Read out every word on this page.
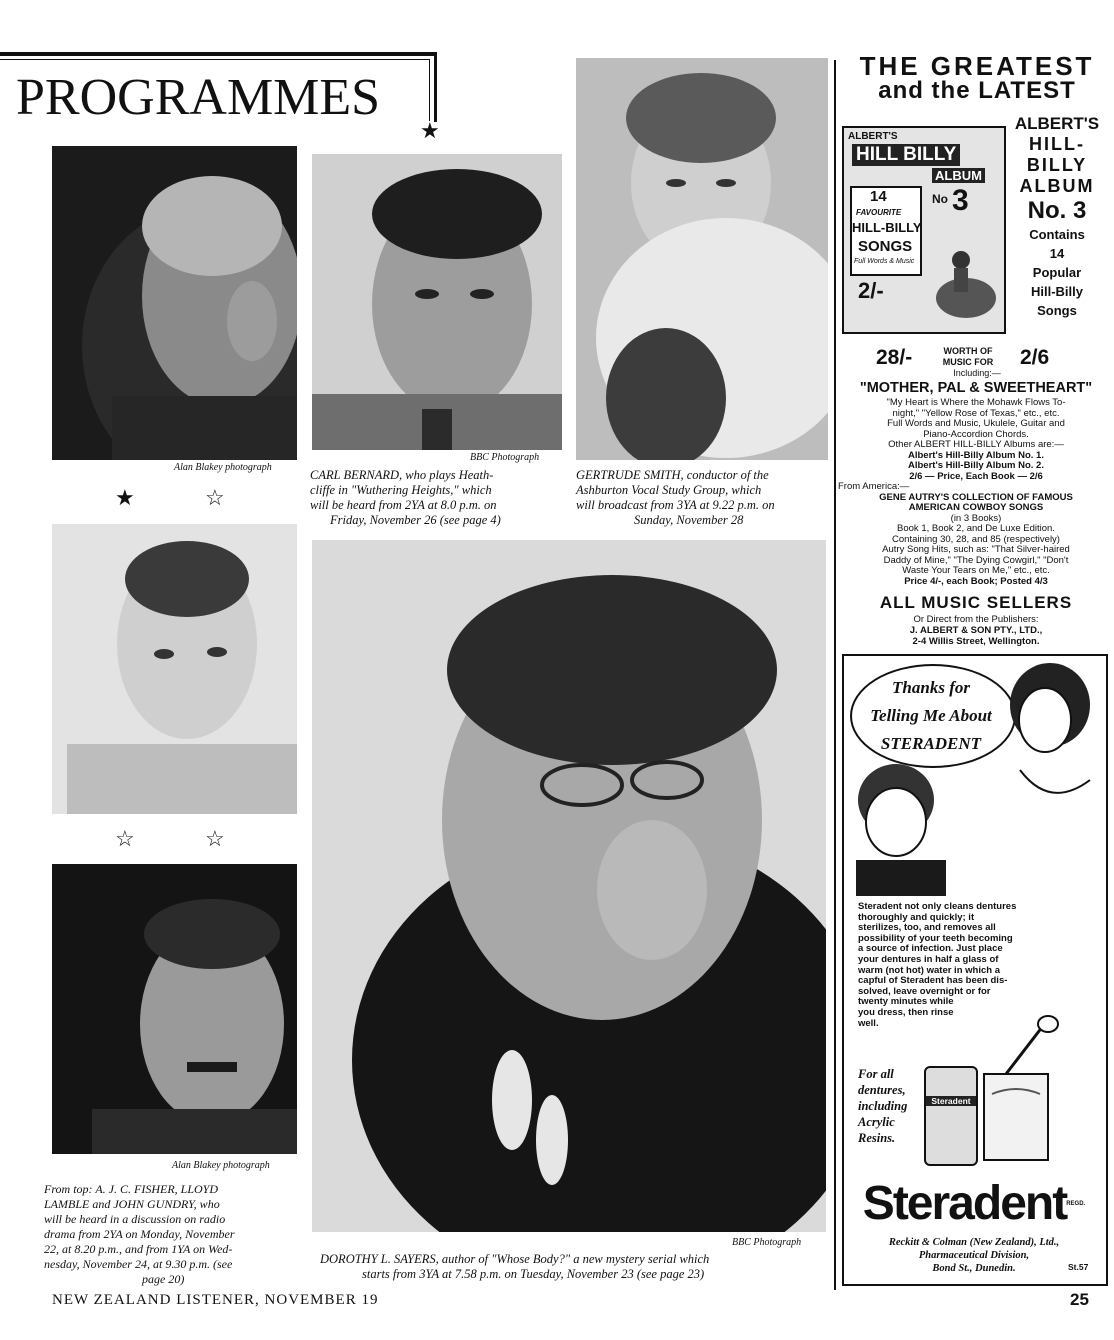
PROGRAMMES
★
Alan Blakey photograph
★	☆
☆	☆
Alan Blakey photograph
From top: A. J. C. FISHER, LLOYD
LAMBLE and JOHN GUNDRY, who
will be heard in a discussion on radio
drama from 2YA on Monday, November
22, at 8.20 p.m., and from 1YA on Wed-
nesday, November 24, at 9.30 p.m. (see
page 20)
BBC Photograph
CARL BERNARD, who plays Heath-
cliffe in "Wuthering Heights," which
will be heard from 2YA at 8.0 p.m. on
Friday, November 26 (see page 4)
GERTRUDE SMITH, conductor of the
Ashburton Vocal Study Group, which
will broadcast from 3YA at 9.22 p.m. on
Sunday, November 28
BBC Photograph
DOROTHY L. SAYERS, author of "Whose Body?" a new mystery serial which
starts from 3YA at 7.58 p.m. on Tuesday, November 23 (see page 23)
THE GREATEST
and the LATEST
ALBERT'S
HILL BILLY
ALBUM
14
FAVOURITE
HILL-BILLY
SONGS
Full Words & Music
No 3
2/-
ALBERT'S
HILL-
BILLY
ALBUM
No. 3
Contains
14
Popular
Hill-Billy
Songs
28/-	WORTH OF
MUSIC FOR	2/6
Including:—
"MOTHER, PAL & SWEETHEART"
"My Heart is Where the Mohawk Flows To-
night," "Yellow Rose of Texas," etc., etc.
Full Words and Music, Ukulele, Guitar and
Piano-Accordion Chords.
Other ALBERT HILL-BILLY Albums are:—
Albert's Hill-Billy Album No. 1.
Albert's Hill-Billy Album No. 2.
2/6 — Price, Each Book — 2/6
From America:—
GENE AUTRY'S COLLECTION OF FAMOUS
AMERICAN COWBOY SONGS
(in 3 Books)
Book 1, Book 2, and De Luxe Edition.
Containing 30, 28, and 85 (respectively)
Autry Song Hits, such as: "That Silver-haired
Daddy of Mine," "The Dying Cowgirl," "Don't
Waste Your Tears on Me," etc., etc.
Price 4/-, each Book; Posted 4/3
ALL MUSIC SELLERS
Or Direct from the Publishers:
J. ALBERT & SON PTY., LTD.,
2-4 Willis Street, Wellington.
Thanks for
Telling Me About
STERADENT
Steradent not only cleans dentures
thoroughly and quickly; it
sterilizes, too, and removes all
possibility of your teeth becoming
a source of infection. Just place
your dentures in half a glass of
warm (not hot) water in which a
capful of Steradent has been dis-
solved, leave overnight or for
twenty minutes while
you dress, then rinse
well.
For all
dentures,
including
Acrylic
Resins.
Steradent
SteradentREGD.
Reckitt & Colman (New Zealand), Ltd.,
Pharmaceutical Division,
Bond St., Dunedin.	St.57
NEW ZEALAND LISTENER, NOVEMBER 19	25
